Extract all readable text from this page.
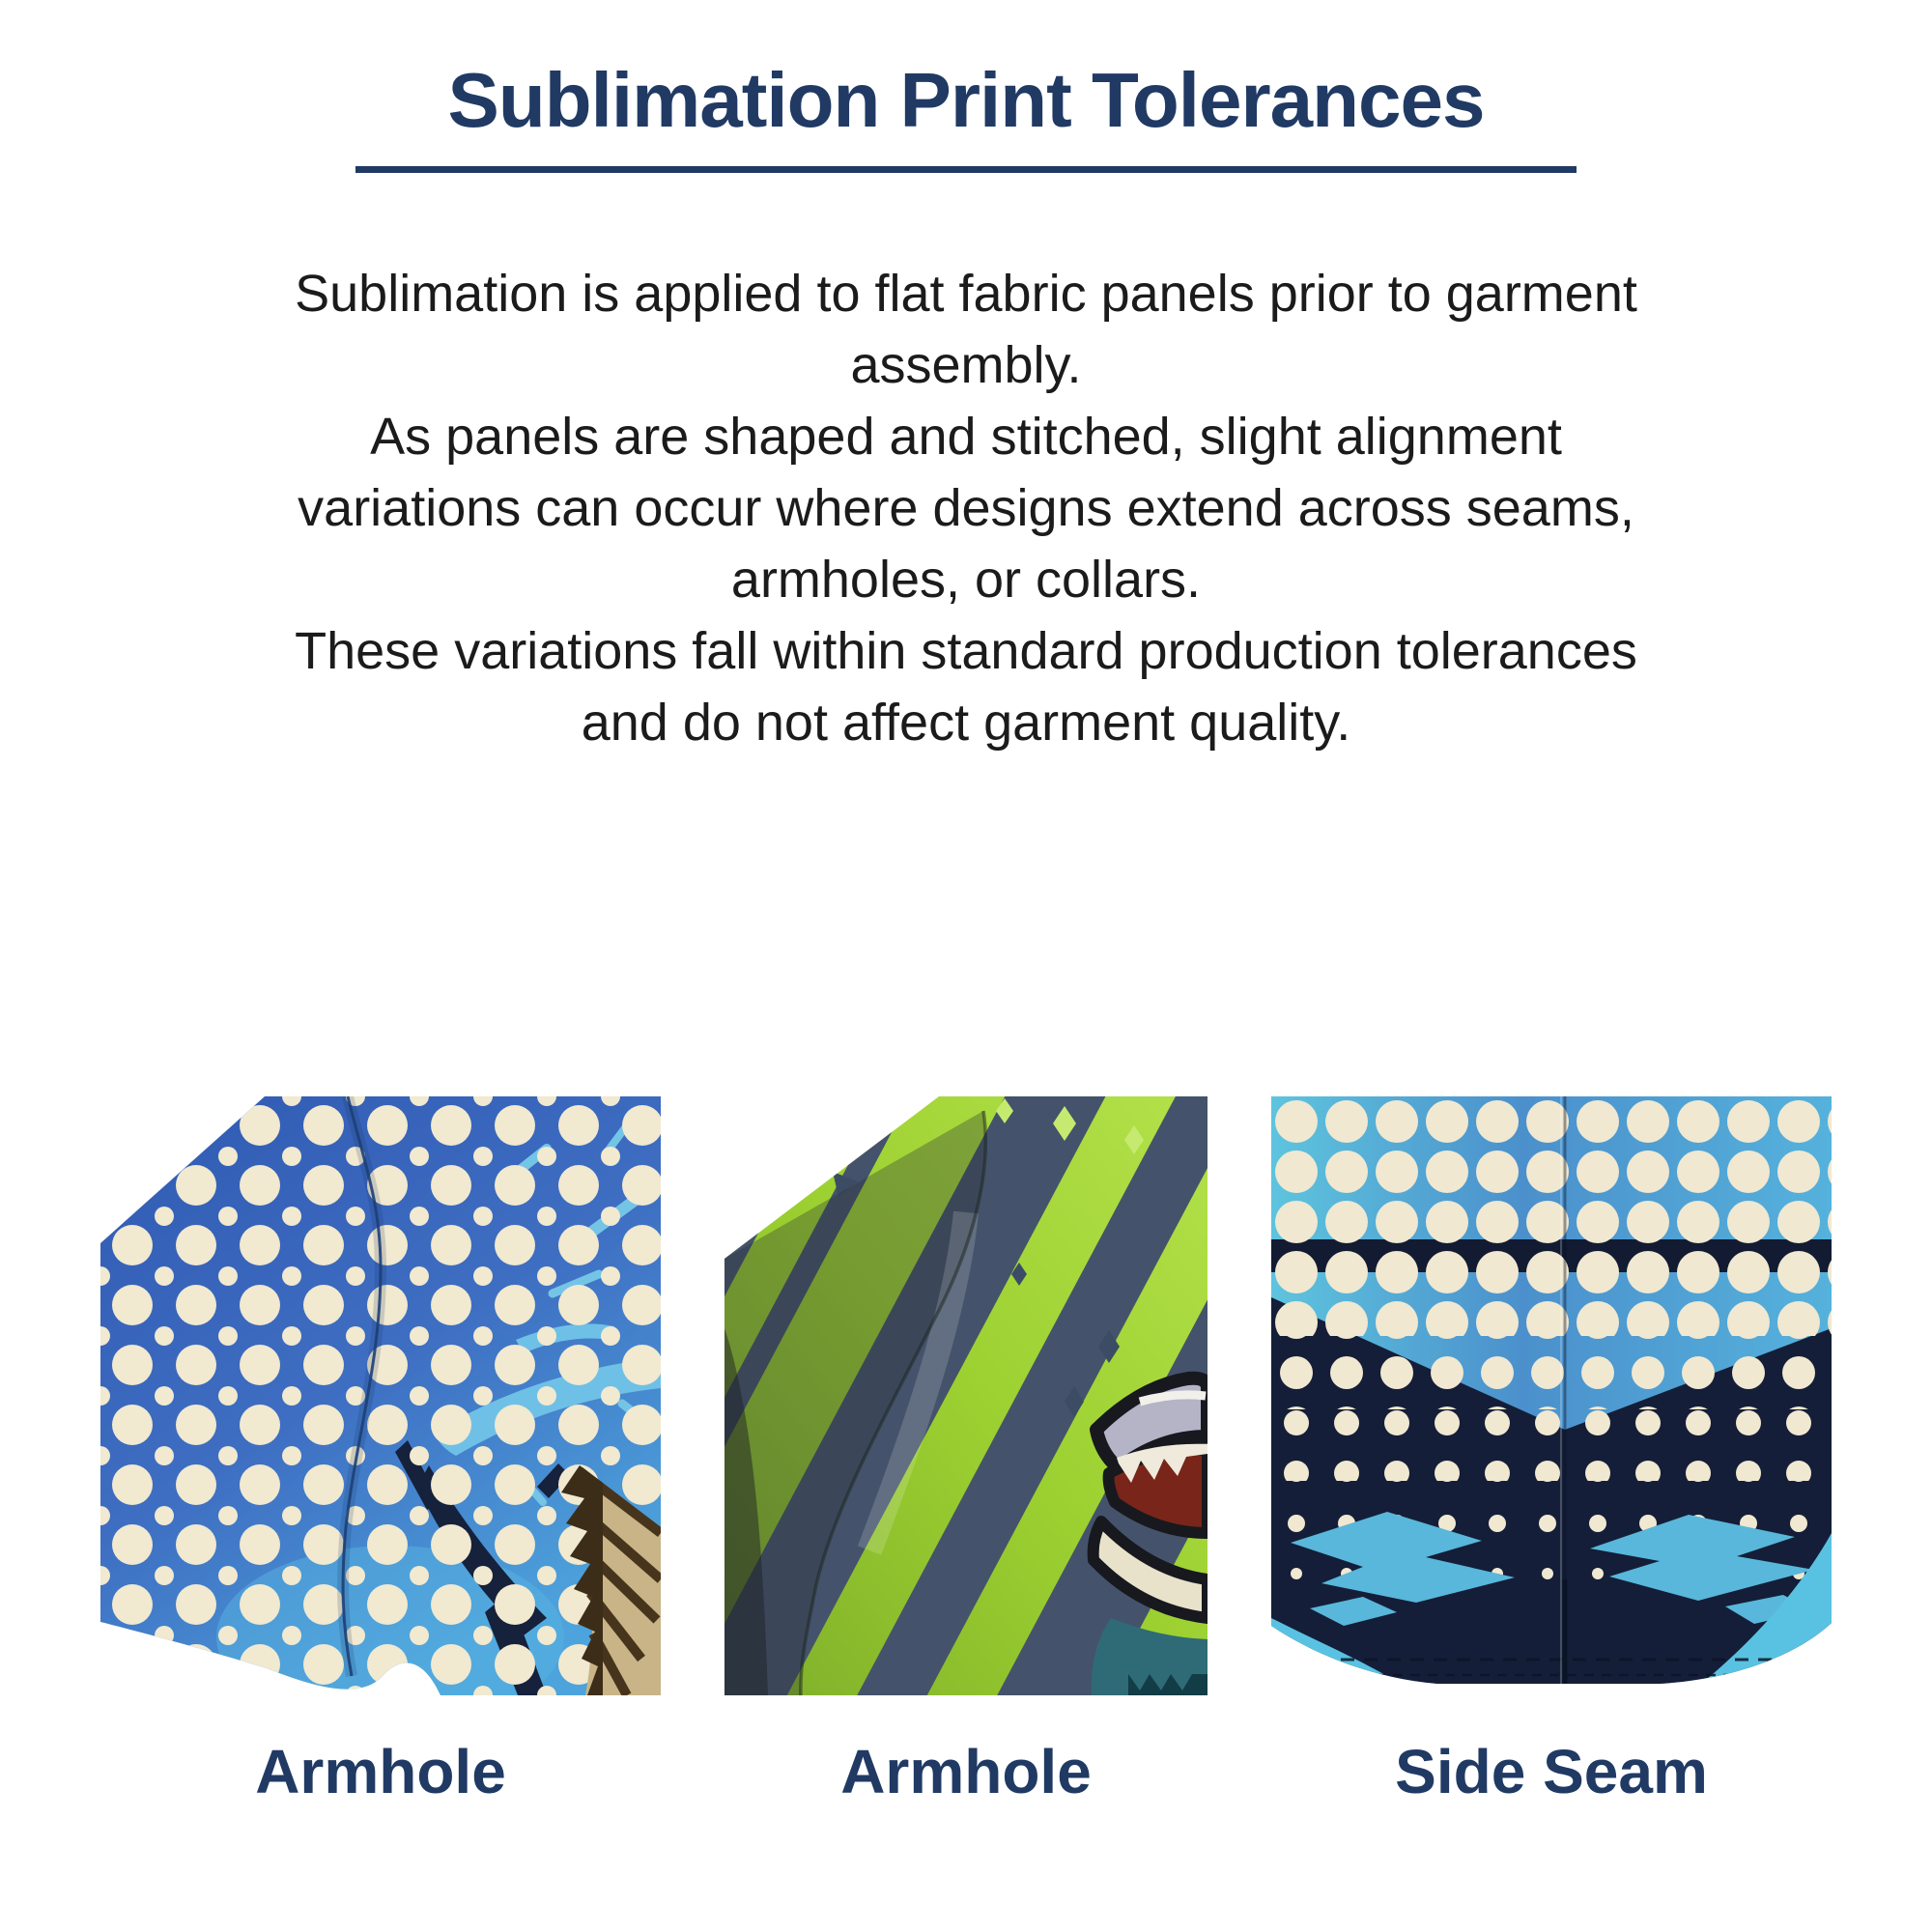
Sublimation Print Tolerances
Sublimation is applied to flat fabric panels prior to garment
assembly.
As panels are shaped and stitched, slight alignment
variations can occur where designs extend across seams,
armholes, or collars.
These variations fall within standard production tolerances
and do not affect garment quality.
Armhole	Armhole	Side Seam
